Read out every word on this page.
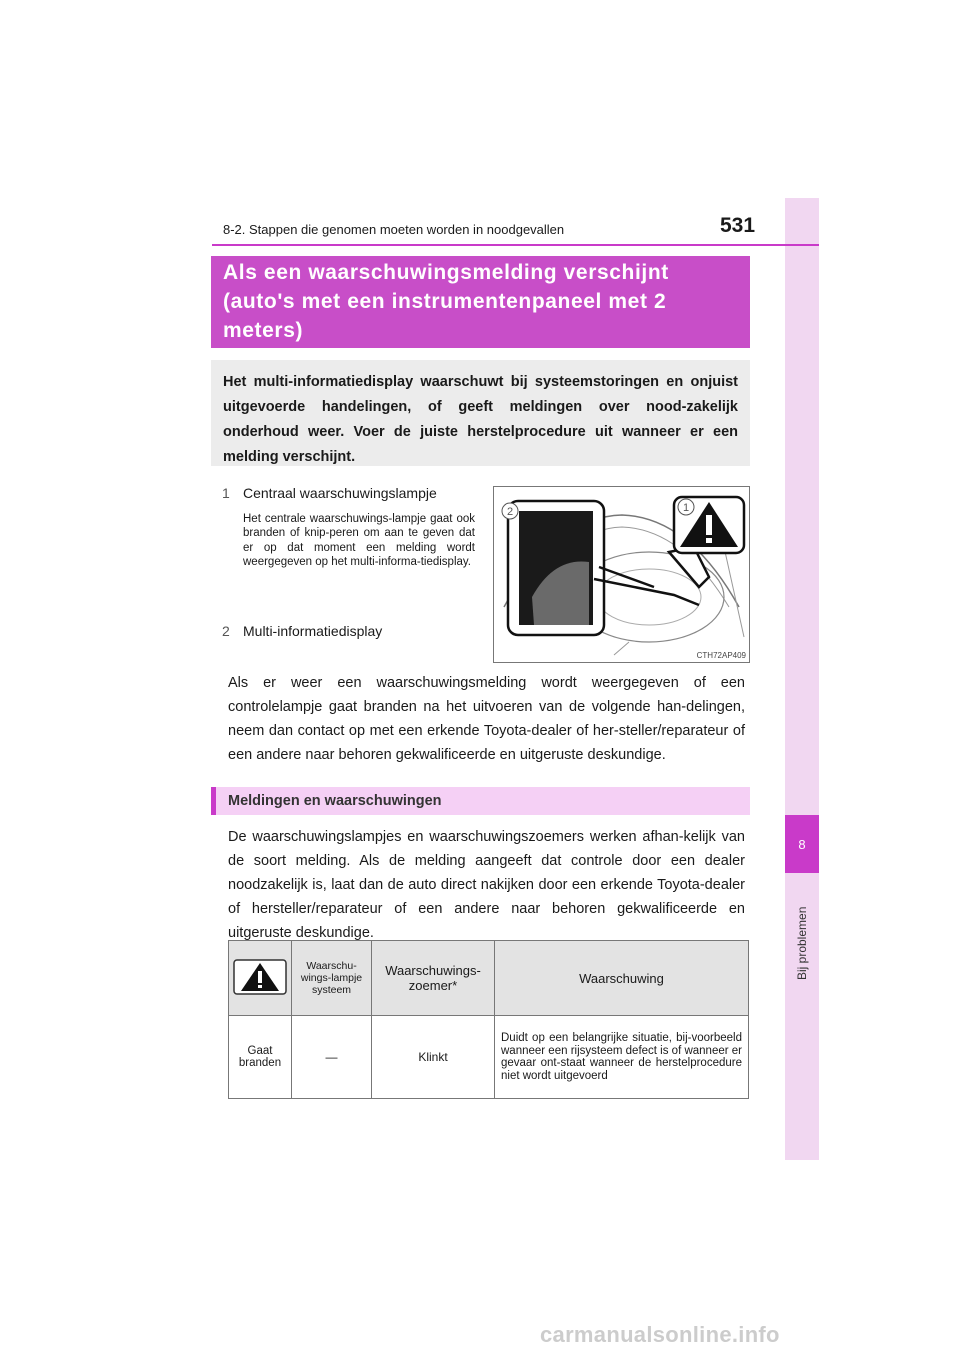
8
Bij problemen
8-2. Stappen die genomen moeten worden in noodgevallen	531
Als een waarschuwingsmelding verschijnt
(auto's met een instrumentenpaneel met 2
meters)
Het multi-informatiedisplay waarschuwt bij systeemstoringen en onjuist uitgevoerde handelingen, of geeft meldingen over nood-zakelijk onderhoud weer. Voer de juiste herstelprocedure uit wanneer er een melding verschijnt.
1 Centraal waarschuwingslampje
Het centrale waarschuwings-lampje gaat ook branden of knip-peren om aan te geven dat er op dat moment een melding wordt weergegeven op het multi-informa-tiedisplay.
2 Multi-informatiedisplay
2	1
CTH72AP409
Als er weer een waarschuwingsmelding wordt weergegeven of een controlelampje gaat branden na het uitvoeren van de volgende han-delingen, neem dan contact op met een erkende Toyota-dealer of her-steller/reparateur of een andere naar behoren gekwalificeerde en uitgeruste deskundige.
Meldingen en waarschuwingen
De waarschuwingslampjes en waarschuwingszoemers werken afhan-kelijk van de soort melding. Als de melding aangeeft dat controle door een dealer noodzakelijk is, laat dan de auto direct nakijken door een erkende Toyota-dealer of hersteller/reparateur of een andere naar behoren gekwalificeerde en uitgeruste deskundige.
	Waarschu-wings-lampje systeem	Waarschuwings-zoemer*	Waarschuwing
Gaat branden	—	Klinkt	Duidt op een belangrijke situatie, bij-voorbeeld wanneer een rijsysteem defect is of wanneer er gevaar ont-staat wanneer de herstelprocedure niet wordt uitgevoerd
carmanualsonline.info
